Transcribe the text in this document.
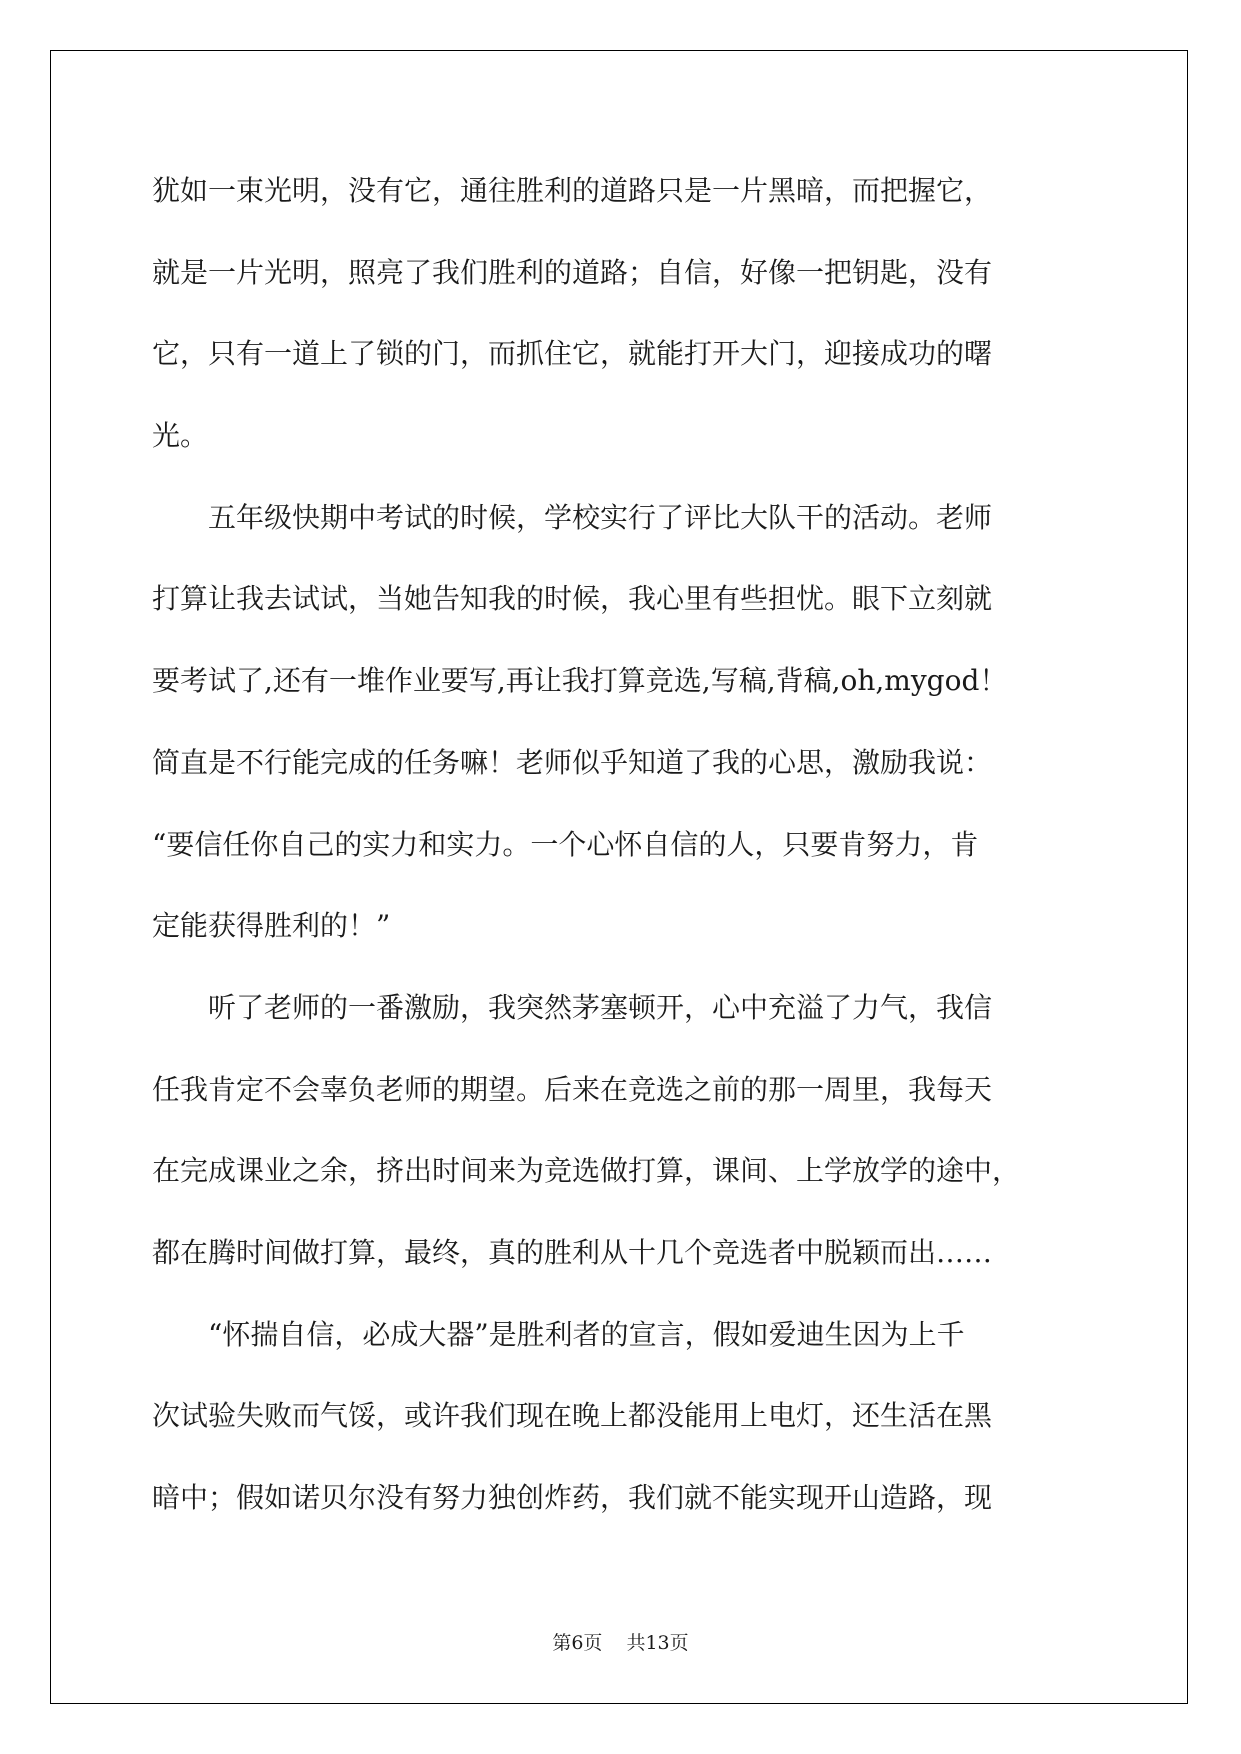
犹如一束光明，没有它，通往胜利的道路只是一片黑暗，而把握它，
就是一片光明，照亮了我们胜利的道路；自信，好像一把钥匙，没有
它，只有一道上了锁的门，而抓住它，就能打开大门，迎接成功的曙
光。
　　五年级快期中考试的时候，学校实行了评比大队干的活动。老师
打算让我去试试，当她告知我的时候，我心里有些担忧。眼下立刻就
要考试了,还有一堆作业要写,再让我打算竞选,写稿,背稿,oh,mygod！
简直是不行能完成的任务嘛！老师似乎知道了我的心思，激励我说：
“要信任你自己的实力和实力。一个心怀自信的人，只要肯努力，肯
定能获得胜利的！”
　　听了老师的一番激励，我突然茅塞顿开，心中充溢了力气，我信
任我肯定不会辜负老师的期望。后来在竞选之前的那一周里，我每天
在完成课业之余，挤出时间来为竞选做打算，课间、上学放学的途中，
都在腾时间做打算，最终，真的胜利从十几个竞选者中脱颖而出……
　　“怀揣自信，必成大器”是胜利者的宣言，假如爱迪生因为上千
次试验失败而气馁，或许我们现在晚上都没能用上电灯，还生活在黑
暗中；假如诺贝尔没有努力独创炸药，我们就不能实现开山造路，现
第6页 共13页
